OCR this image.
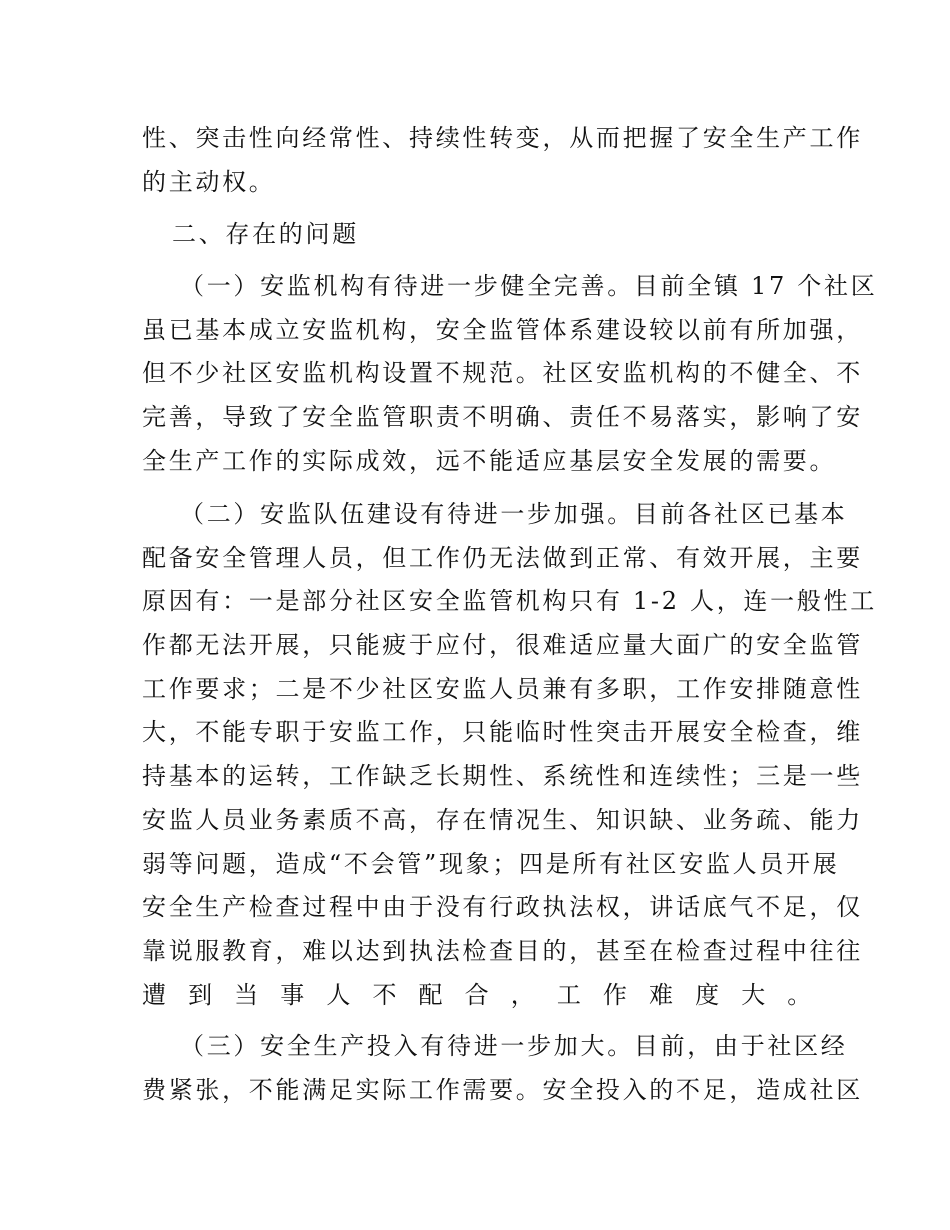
性、突击性向经常性、持续性转变，从而把握了安全生产工作
的主动权。
二、存在的问题
（一）安监机构有待进一步健全完善。目前全镇 17 个社区
虽已基本成立安监机构，安全监管体系建设较以前有所加强，
但不少社区安监机构设置不规范。社区安监机构的不健全、不
完善，导致了安全监管职责不明确、责任不易落实，影响了安
全生产工作的实际成效，远不能适应基层安全发展的需要。
（二）安监队伍建设有待进一步加强。目前各社区已基本
配备安全管理人员，但工作仍无法做到正常、有效开展，主要
原因有：一是部分社区安全监管机构只有 1-2 人，连一般性工
作都无法开展，只能疲于应付，很难适应量大面广的安全监管
工作要求；二是不少社区安监人员兼有多职，工作安排随意性
大，不能专职于安监工作，只能临时性突击开展安全检查，维
持基本的运转，工作缺乏长期性、系统性和连续性；三是一些
安监人员业务素质不高，存在情况生、知识缺、业务疏、能力
弱等问题，造成“不会管”现象；四是所有社区安监人员开展
安全生产检查过程中由于没有行政执法权，讲话底气不足，仅
靠说服教育，难以达到执法检查目的，甚至在检查过程中往往
遭到当事人不配合，工作难度大。
（三）安全生产投入有待进一步加大。目前，由于社区经
费紧张，不能满足实际工作需要。安全投入的不足，造成社区
